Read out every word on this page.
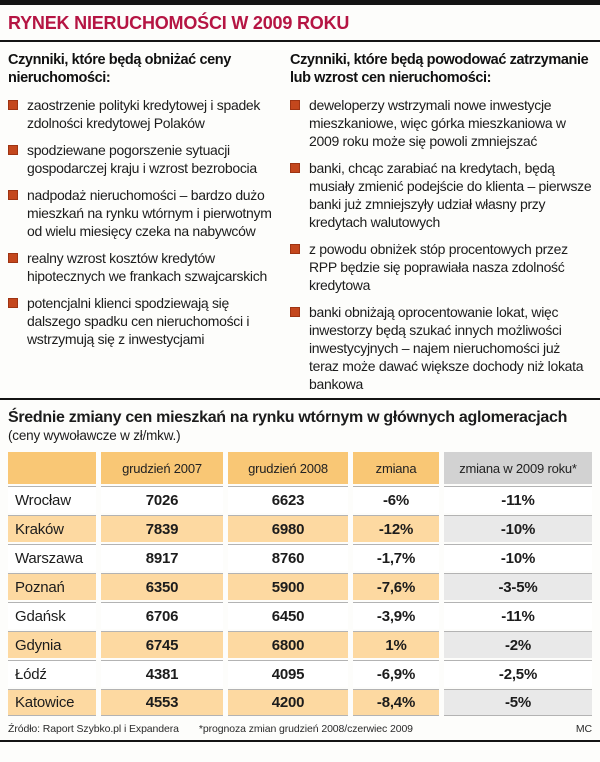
RYNEK NIERUCHOMOŚCI W 2009 ROKU
Czynniki, które będą obniżać ceny nieruchomości:
zaostrzenie polityki kredytowej i spadek zdolności kredytowej Polaków
spodziewane pogorszenie sytuacji gospodarczej kraju i wzrost bezrobocia
nadpodaż nieruchomości – bardzo dużo mieszkań na rynku wtórnym i pierwotnym od wielu miesięcy czeka na nabywców
realny wzrost kosztów kredytów hipotecznych we frankach szwajcarskich
potencjalni klienci spodziewają się dalszego spadku cen nieruchomości i wstrzymują się z inwestycjami
Czynniki, które będą powodować zatrzymanie lub wzrost cen nieruchomości:
deweloperzy wstrzymali nowe inwestycje mieszkaniowe, więc górka mieszkaniowa w 2009 roku może się powoli zmniejszać
banki, chcąc zarabiać na kredytach, będą musiały zmienić podejście do klienta – pierwsze banki już zmniejszyły udział własny przy kredytach walutowych
z powodu obniżek stóp procentowych przez RPP będzie się poprawiała nasza zdolność kredytowa
banki obniżają oprocentowanie lokat, więc inwestorzy będą szukać innych możliwości inwestycyjnych – najem nieruchomości już teraz może dawać większe dochody niż lokata bankowa
Średnie zmiany cen mieszkań na rynku wtórnym w głównych aglomeracjach
(ceny wywoławcze w zł/mkw.)
	grudzień 2007	grudzień 2008	zmiana	zmiana w 2009 roku*
Wrocław	7026	6623	-6%	-11%
Kraków	7839	6980	-12%	-10%
Warszawa	8917	8760	-1,7%	-10%
Poznań	6350	5900	-7,6%	-3-5%
Gdańsk	6706	6450	-3,9%	-11%
Gdynia	6745	6800	1%	-2%
Łódź	4381	4095	-6,9%	-2,5%
Katowice	4553	4200	-8,4%	-5%
Źródło: Raport Szybko.pl i Expandera *prognoza zmian grudzień 2008/czerwiec 2009	MC
